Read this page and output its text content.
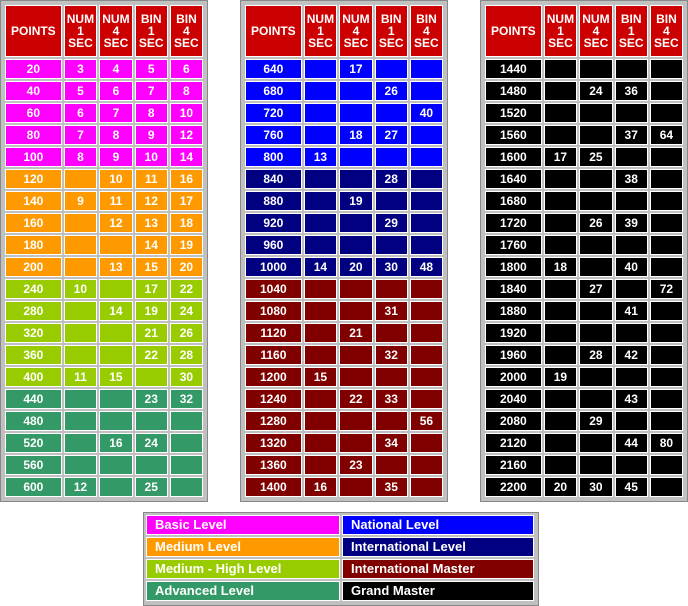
POINTS	NUM
1
SEC	NUM
4
SEC	BIN
1
SEC	BIN
4
SEC

20	3	4	5	6
40	5	6	7	8
60	6	7	8	10
80	7	8	9	12
100	8	9	10	14
120		10	11	16
140	9	11	12	17
160		12	13	18
180			14	19
200		13	15	20
240	10		17	22
280		14	19	24
320			21	26
360			22	28
400	11	15		30
440			23	32
480				
520		16	24	
560				
600	12		25	
POINTS	NUM
1
SEC	NUM
4
SEC	BIN
1
SEC	BIN
4
SEC

640		17		
680			26	
720				40
760		18	27	
800	13			
840			28	
880		19		
920			29	
960				
1000	14	20	30	48
1040				
1080			31	
1120		21		
1160			32	
1200	15			
1240		22	33	
1280				56
1320			34	
1360		23		
1400	16		35	
POINTS	NUM
1
SEC	NUM
4
SEC	BIN
1
SEC	BIN
4
SEC

1440				
1480		24	36	
1520				
1560			37	64
1600	17	25		
1640			38	
1680				
1720		26	39	
1760				
1800	18		40	
1840		27		72
1880			41	
1920				
1960		28	42	
2000	19			
2040			43	
2080		29		
2120			44	80
2160				
2200	20	30	45	
Basic Level	National Level
Medium Level	International Level
Medium - High Level	International Master
Advanced Level	Grand Master
